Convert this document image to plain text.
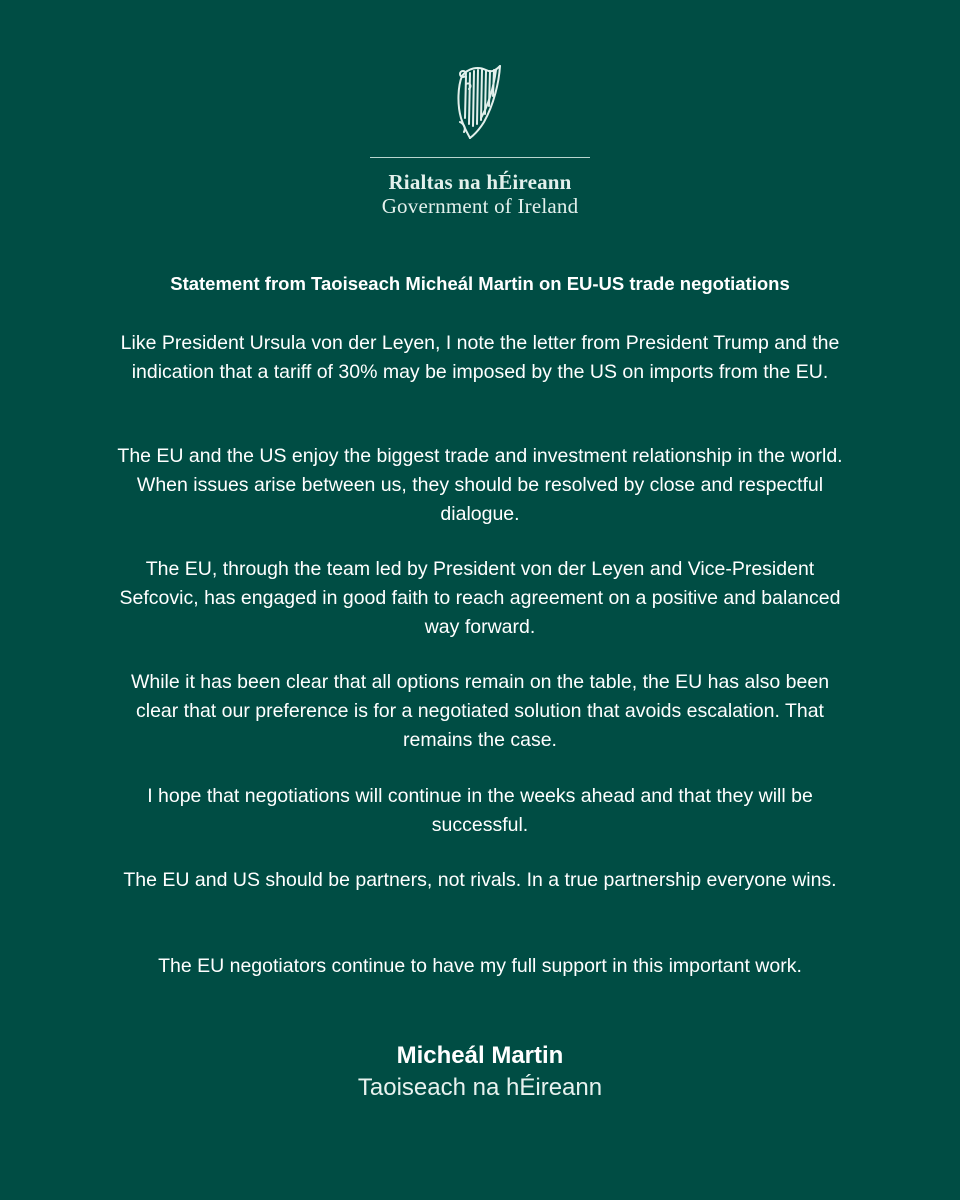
Rialtas na hÉireann
Government of Ireland
Statement from Taoiseach Micheál Martin on EU-US trade negotiations
Like President Ursula von der Leyen, I note the letter from President Trump and the indication that a tariff of 30% may be imposed by the US on imports from the EU.
The EU and the US enjoy the biggest trade and investment relationship in the world. When issues arise between us, they should be resolved by close and respectful dialogue.
The EU, through the team led by President von der Leyen and Vice-President Sefcovic, has engaged in good faith to reach agreement on a positive and balanced way forward.
While it has been clear that all options remain on the table, the EU has also been clear that our preference is for a negotiated solution that avoids escalation. That remains the case.
I hope that negotiations will continue in the weeks ahead and that they will be successful.
The EU and US should be partners, not rivals. In a true partnership everyone wins.
The EU negotiators continue to have my full support in this important work.
Micheál Martin
Taoiseach na hÉireann
